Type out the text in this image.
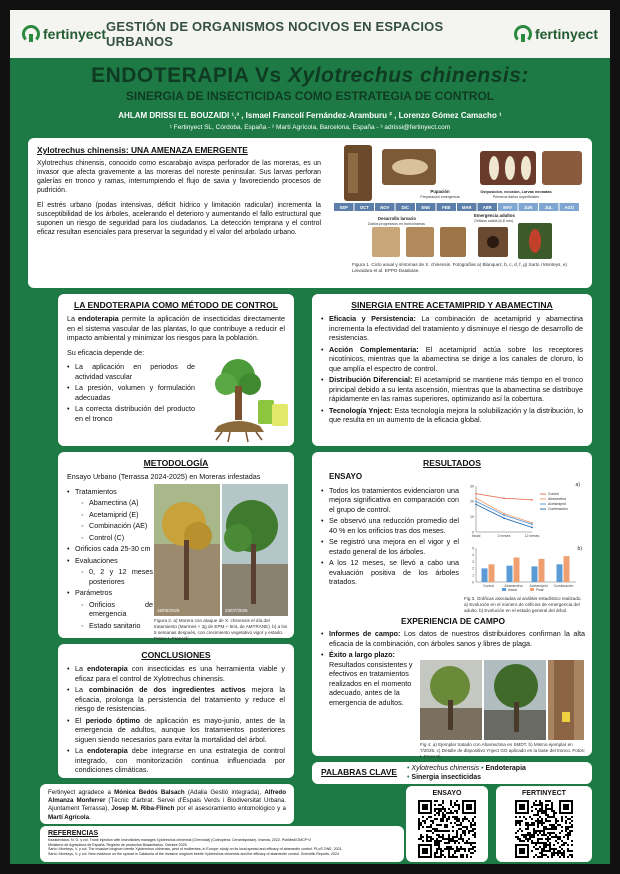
fertinyect GESTIÓN DE ORGANISMOS NOCIVOS EN ESPACIOS URBANOS	fertinyect
ENDOTERAPIA Vs Xylotrechus chinensis:
SINERGIA DE INSECTICIDAS COMO ESTRATEGIA DE CONTROL
AHLAM DRISSI EL BOUZAIDI ¹,³ , Ismael Francolí Fernández-Aramburu ² , Lorenzo Gómez Camacho ¹
¹ Fertinyect SL, Córdoba, España - ² Martí Agrícola, Barcelona, España - ³ adrissi@fertinyect.com
Xylotrechus chinensis: UNA AMENAZA EMERGENTE

Xylotrechus chinensis, conocido como escarabajo avispa perforador de las moreras, es un invasor que afecta gravemente a las moreras del noreste peninsular. Sus larvas perforan galerías en tronco y ramas, interrumpiendo el flujo de savia y favoreciendo procesos de pudrición.

El estrés urbano (podas intensivas, déficit hídrico y limitación radicular) incrementa la susceptibilidad de los árboles, acelerando el deterioro y aumentando el fallo estructural que suponen un riesgo de seguridad para los ciudadanos. La detección temprana y el control eficaz resultan esenciales para preservar la seguridad y el valor del arbolado urbano.

SEP	OCT	NOV	DIC	ENE	FEB	MAR	ABR	MAY	JUN	JUL	AGO
Pupación
Preparación emergencia
Oviposición, eclosión, Larvas neonatas
Primeros daños superficiales
Desarrollo larvario
Daños progresivos en tronco/ramas
Emergencia adultos
Orificios salida (6-8 mm)
Figura 1. Ciclo anual y síntomas de X. chinensis. Fotografías a) Blanquez, b, c, d, f, g) Sarto i Monteys, e) Leivadara et al. EPPO Database.
LA ENDOTERAPIA COMO MÉTODO DE CONTROL

La endoterapia permite la aplicación de insecticidas directamente en el sistema vascular de las plantas, lo que contribuye a reducir el impacto ambiental y minimizar los riesgos para la población.

Su eficacia depende de:

• La aplicación en periodos de actividad vascular
• La presión, volumen y formulación adecuadas
• La correcta distribución del producto en el tronco
SINERGIA ENTRE ACETAMIPRID Y ABAMECTINA
• Eficacia y Persistencia: La combinación de acetamiprid y abamectina incrementa la efectividad del tratamiento y disminuye el riesgo de desarrollo de resistencias.
• Acción Complementaria: El acetamiprid actúa sobre los receptores nicotínicos, mientras que la abamectina se dirige a los canales de cloruro, lo que amplía el espectro de control.
• Distribución Diferencial: El acetamiprid se mantiene más tiempo en el tronco principal debido a su lenta ascensión, mientras que la abamectina se distribuye rápidamente en las ramas superiores, optimizando así la cobertura.
• Tecnología Ynject: Esta tecnología mejora la solubilización y la distribución, lo que resulta en un aumento de la eficacia global.
METODOLOGÍA

Ensayo Urbano (Terrassa 2024-2025) en Moreras infestadas

• Tratamientos
◦ Abamectina (A)
◦ Acetamiprid (E)
◦ Combinación (AE)
◦ Control (C)
• Orificios cada 25-30 cm
• Evaluaciones
◦ 0, 2 y 12 meses posteriores
• Parámetros
◦ Orificios de emergencia
◦ Estado sanitario
15/05/2025	23/07/2025
Figura 2. a) Morera con ataque de X. chinensis el día del tratamiento (Marmes + 3g de EPM + 5mL de AMTRANE). b) a los 5 semanas después, con crecimiento vegetativo vigor y estado. Fotos: I. Francolí.
CONCLUSIONES
• La endoterapia con insecticidas es una herramienta viable y eficaz para el control de Xylotrechus chinensis.
• La combinación de dos ingredientes activos mejora la eficacia, prolonga la persistencia del tratamiento y reduce el riesgo de resistencias.
• El periodo óptimo de aplicación es mayo-junio, antes de la emergencia de adultos, aunque los tratamientos posteriores siguen siendo necesarios para evitar la mortalidad del árbol.
• La endoterapia debe integrarse en una estrategia de control integrado, con monitorización continua influenciada por condiciones climáticas.
RESULTADOS
ENSAYO
• Todos los tratamientos evidenciaron una mejora significativa en comparación con el grupo de control.
• Se observó una reducción promedio del 40 % en los orificios tras dos meses.
• Se registró una mejora en el vigor y el estado general de los árboles.
• A los 12 meses, se llevó a cabo una evaluación positiva de los árboles tratados.
0
10
20
30
Inicial	2 meses	12 meses
Control
Abamectina
Acetamiprid
Combinación
a)
0
1
2
3
4
5
Control	Abamectina Acetamiprid Combinación
Inicial	Final
b)
Fig 3. Gráficas asociadas al análisis estadístico realizado. a) Evolución en el número de orificios de emergencia del adulto. b) Evolución en el estado general del árbol.
EXPERIENCIA DE CAMPO
• Informes de campo: Los datos de nuestros distribuidores confirman la alta eficacia de la combinación, con árboles sanos y libres de plaga.
• Éxito a largo plazo: Resultados consistentes y efectivos en tratamientos realizados en el momento adecuado, antes de la emergencia de adultos.
Fig 4. a) Ejemplar tratado con Abamectina en SMDT. b) Mismo ejemplar en 7/2025. c) Detalle de dispositivo Ynject GO aplicado en la base del tronco. Fotos: I. Francolí.
PALABRAS CLAVE • Xylotrechus chinensis • Endoterapia
• Sinergia insecticidas

Fertinyect agradece a Mónica Bedós Balsach (Adalia Gestió integrada), Alfredo Almanza Monferrer (Tècnic d'arbrat. Servei d'Espais Verds i Biodiversitat Urbana. Ajuntament Terrassa), Josep M. Riba-Flinch por el asesoramiento entomológico y a Martí Agrícola.

REFERENCIAS
Kazakevicius, N. G. y col. Trunk injection with insecticides manages Xylotrechus chinensis (Chevrolat) (Coleoptera: Cerambycidae). Insecta, 2022. PubMed/OMCP+2
Ministerio de Agricultura de España. Registro de productos fitosanitarios. Octubre 2025
Sarto i Monteys, V. y col. The invasive longhorn beetle Xylotrechus chinensis, pest of mulberries, in Europe: study on its local spread and efficacy of abamectin control. PLoS ONE, 2021.
Sarto i Monteys, V. y col. New evidence on the spread in Catalonia of the invasive longhorn beetle Xylotrechus chinensis and the efficacy of abamectin control. Scientific Reports, 2024
ENSAYO	FERTINYECT
